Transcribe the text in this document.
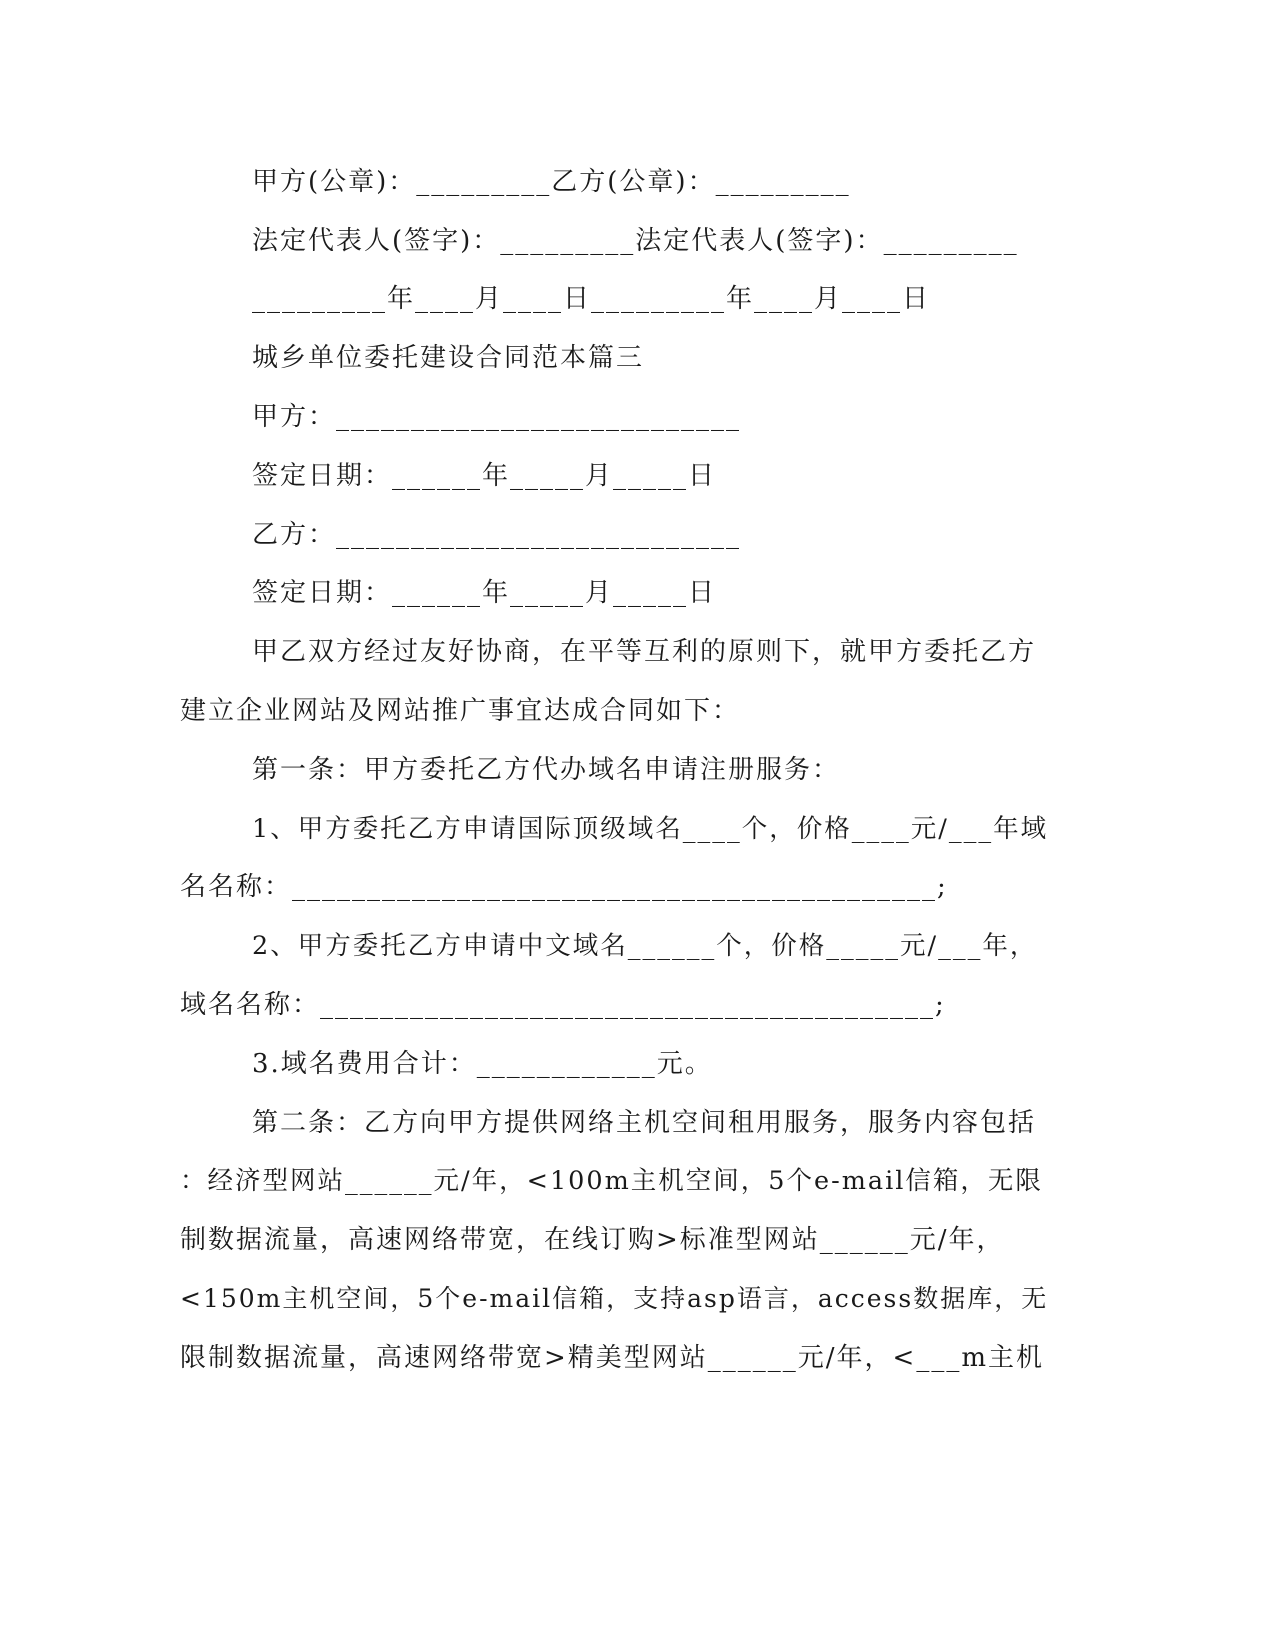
甲方(公章)：_________乙方(公章)：_________
法定代表人(签字)：_________法定代表人(签字)：_________
_________年____月____日_________年____月____日
城乡单位委托建设合同范本篇三
甲方：___________________________
签定日期：______年_____月_____日
乙方：___________________________
签定日期：______年_____月_____日
甲乙双方经过友好协商，在平等互利的原则下，就甲方委托乙方
建立企业网站及网站推广事宜达成合同如下：
第一条：甲方委托乙方代办域名申请注册服务：
1、甲方委托乙方申请国际顶级域名____个，价格____元/___年域
名名称：___________________________________________;
2、甲方委托乙方申请中文域名______个，价格_____元/___年，
域名名称：_________________________________________;
3.域名费用合计：____________元。
第二条：乙方向甲方提供网络主机空间租用服务，服务内容包括
：经济型网站______元/年，<100m主机空间，5个e-mail信箱，无限
制数据流量，高速网络带宽，在线订购>标准型网站______元/年，
<150m主机空间，5个e-mail信箱，支持asp语言，access数据库，无
限制数据流量，高速网络带宽>精美型网站______元/年，<___m主机
